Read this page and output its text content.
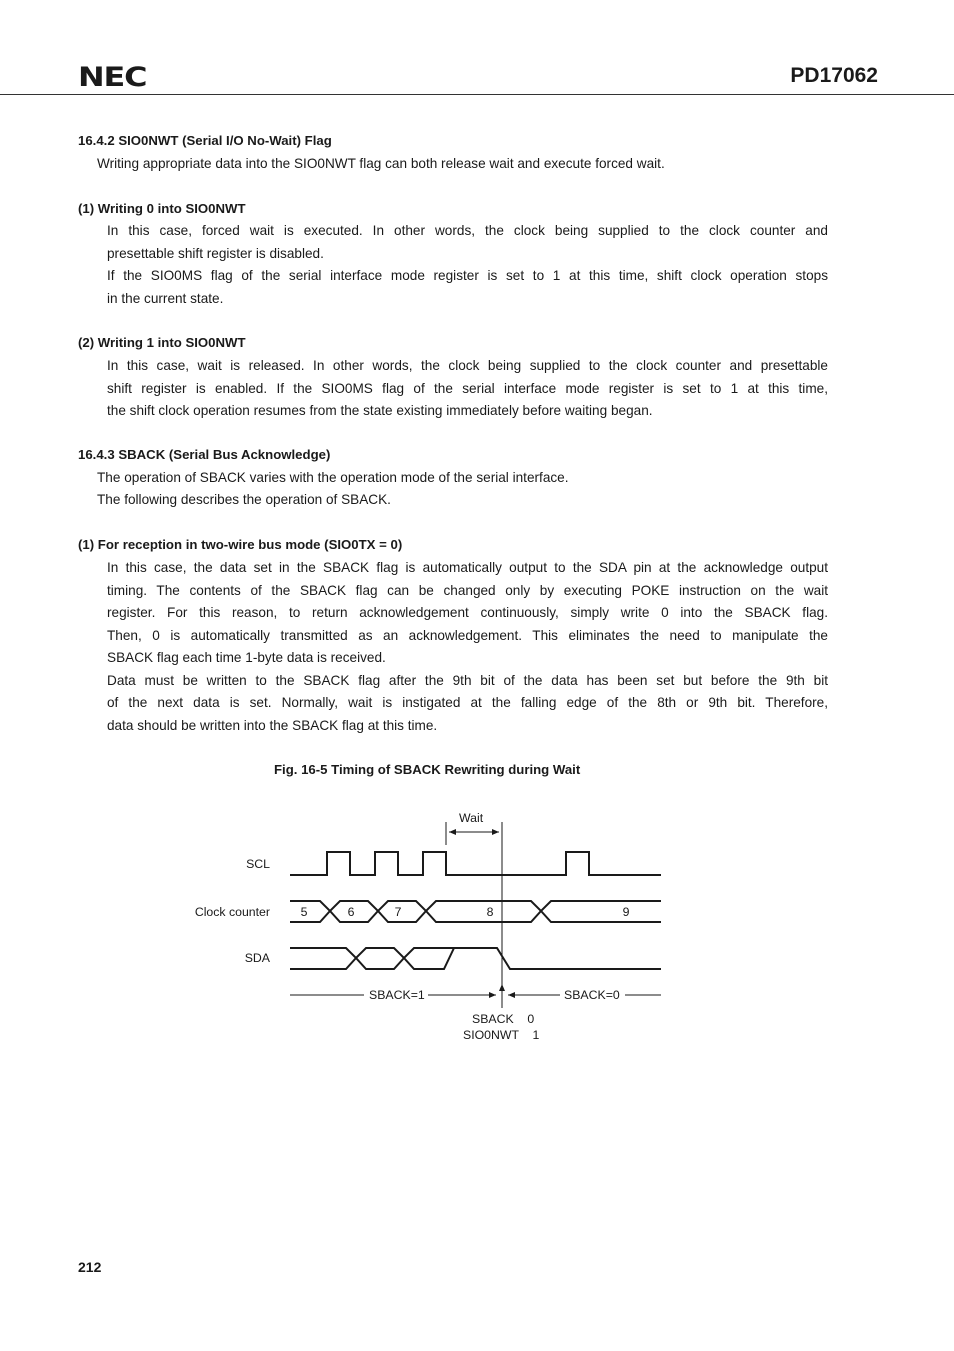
NEC	PD17062
16.4.2 SIO0NWT (Serial I/O No-Wait) Flag
Writing appropriate data into the SIO0NWT flag can both release wait and execute forced wait.
(1) Writing 0 into SIO0NWT
In this case, forced wait is executed. In other words, the clock being supplied to the clock counter and
presettable shift register is disabled.
If the SIO0MS flag of the serial interface mode register is set to 1 at this time, shift clock operation stops
in the current state.
(2) Writing 1 into SIO0NWT
In this case, wait is released. In other words, the clock being supplied to the clock counter and presettable
shift register is enabled. If the SIO0MS flag of the serial interface mode register is set to 1 at this time,
the shift clock operation resumes from the state existing immediately before waiting began.
16.4.3 SBACK (Serial Bus Acknowledge)
The operation of SBACK varies with the operation mode of the serial interface.
The following describes the operation of SBACK.
(1) For reception in two-wire bus mode (SIO0TX = 0)
In this case, the data set in the SBACK flag is automatically output to the SDA pin at the acknowledge output
timing. The contents of the SBACK flag can be changed only by executing POKE instruction on the wait
register. For this reason, to return acknowledgement continuously, simply write 0 into the SBACK flag.
Then, 0 is automatically transmitted as an acknowledgement. This eliminates the need to manipulate the
SBACK flag each time 1-byte data is received.
Data must be written to the SBACK flag after the 9th bit of the data has been set but before the 9th bit
of the next data is set. Normally, wait is instigated at the falling edge of the 8th or 9th bit. Therefore,
data should be written into the SBACK flag at this time.
Fig. 16-5 Timing of SBACK Rewriting during Wait
Wait
SCL
Clock counter
SDA
5	6	7	8	9
SBACK=1	SBACK=0
SBACK    0
SIO0NWT    1
212
